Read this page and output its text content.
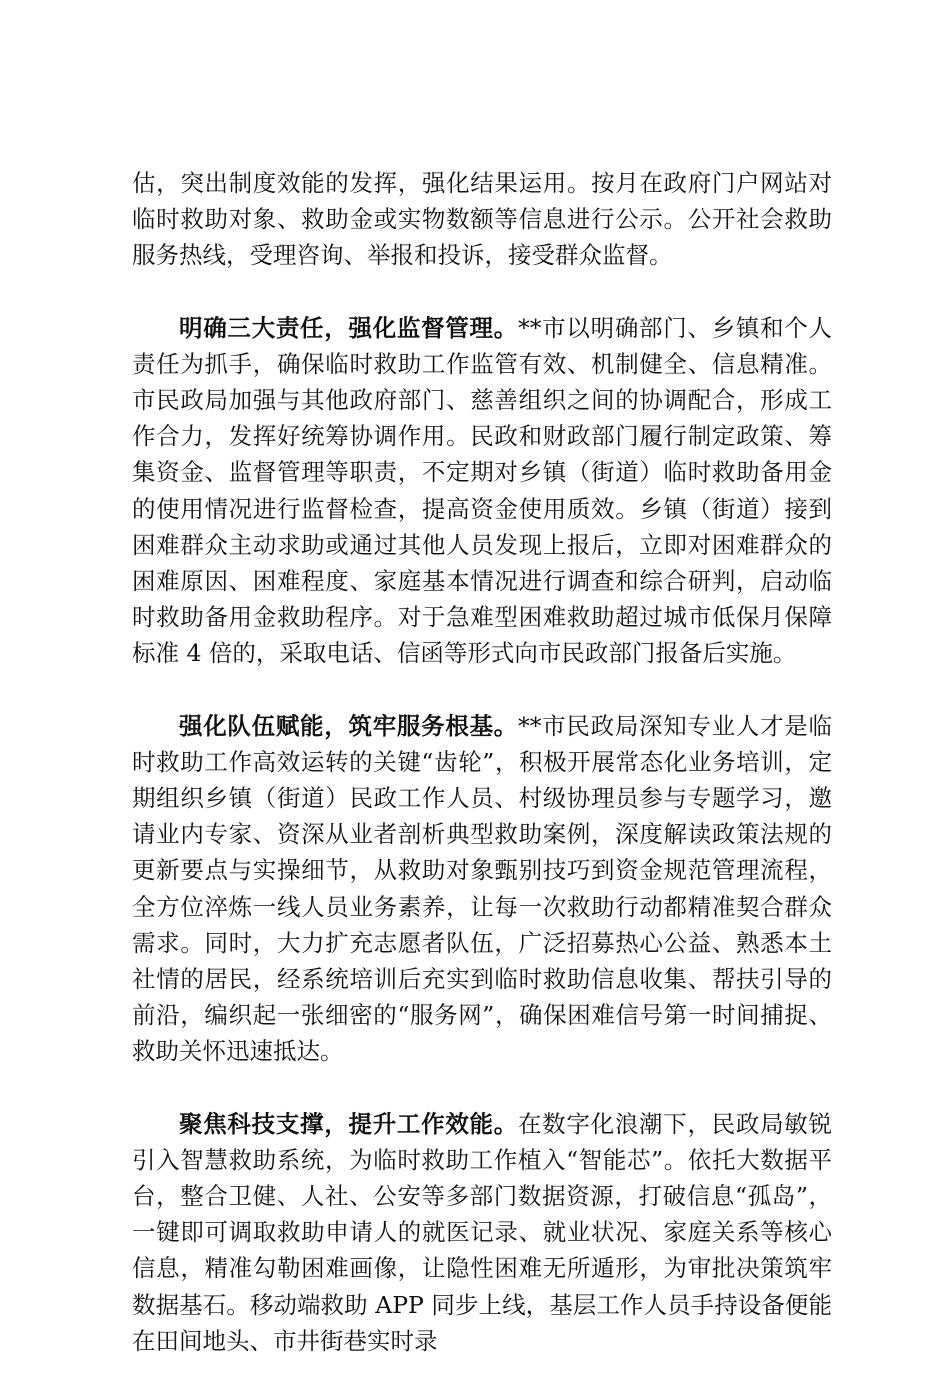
估，突出制度效能的发挥，强化结果运用。按月在政府门户网站对临时救助对象、救助金或实物数额等信息进行公示。公开社会救助服务热线，受理咨询、举报和投诉，接受群众监督。

明确三大责任，强化监督管理。**市以明确部门、乡镇和个人责任为抓手，确保临时救助工作监管有效、机制健全、信息精准。市民政局加强与其他政府部门、慈善组织之间的协调配合，形成工作合力，发挥好统筹协调作用。民政和财政部门履行制定政策、筹集资金、监督管理等职责，不定期对乡镇（街道）临时救助备用金的使用情况进行监督检查，提高资金使用质效。乡镇（街道）接到困难群众主动求助或通过其他人员发现上报后，立即对困难群众的困难原因、困难程度、家庭基本情况进行调查和综合研判，启动临时救助备用金救助程序。对于急难型困难救助超过城市低保月保障标准 4 倍的，采取电话、信函等形式向市民政部门报备后实施。

强化队伍赋能，筑牢服务根基。**市民政局深知专业人才是临时救助工作高效运转的关键“齿轮”，积极开展常态化业务培训，定期组织乡镇（街道）民政工作人员、村级协理员参与专题学习，邀请业内专家、资深从业者剖析典型救助案例，深度解读政策法规的更新要点与实操细节，从救助对象甄别技巧到资金规范管理流程，全方位淬炼一线人员业务素养，让每一次救助行动都精准契合群众需求。同时，大力扩充志愿者队伍，广泛招募热心公益、熟悉本土社情的居民，经系统培训后充实到临时救助信息收集、帮扶引导的前沿，编织起一张细密的“服务网”，确保困难信号第一时间捕捉、救助关怀迅速抵达。

聚焦科技支撑，提升工作效能。在数字化浪潮下，民政局敏锐引入智慧救助系统，为临时救助工作植入“智能芯”。依托大数据平台，整合卫健、人社、公安等多部门数据资源，打破信息“孤岛”，一键即可调取救助申请人的就医记录、就业状况、家庭关系等核心信息，精准勾勒困难画像，让隐性困难无所遁形，为审批决策筑牢数据基石。移动端救助 APP 同步上线，基层工作人员手持设备便能在田间地头、市井街巷实时录
